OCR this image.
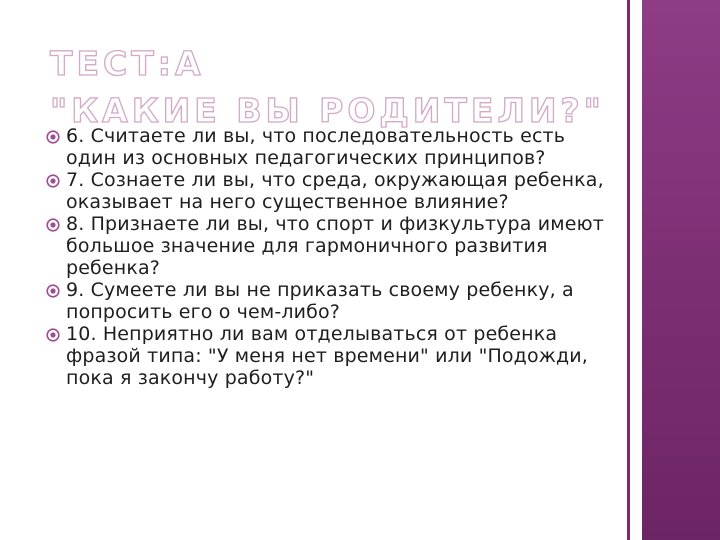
ТЕСТ:А
"КАКИЕ ВЫ РОДИТЕЛИ?"
6. Считаете ли вы, что последовательность есть один из основных педагогических принципов?
7. Сознаете ли вы, что среда, окружающая ребенка, оказывает на него существенное влияние?
8. Признаете ли вы, что спорт и физкультура имеют большое значение для гармоничного развития ребенка?
9. Сумеете ли вы не приказать своему ребенку, а попросить его о чем-либо?
10. Неприятно ли вам отделываться от ребенка фразой типа: "У меня нет времени" или "Подожди, пока я закончу работу?"
